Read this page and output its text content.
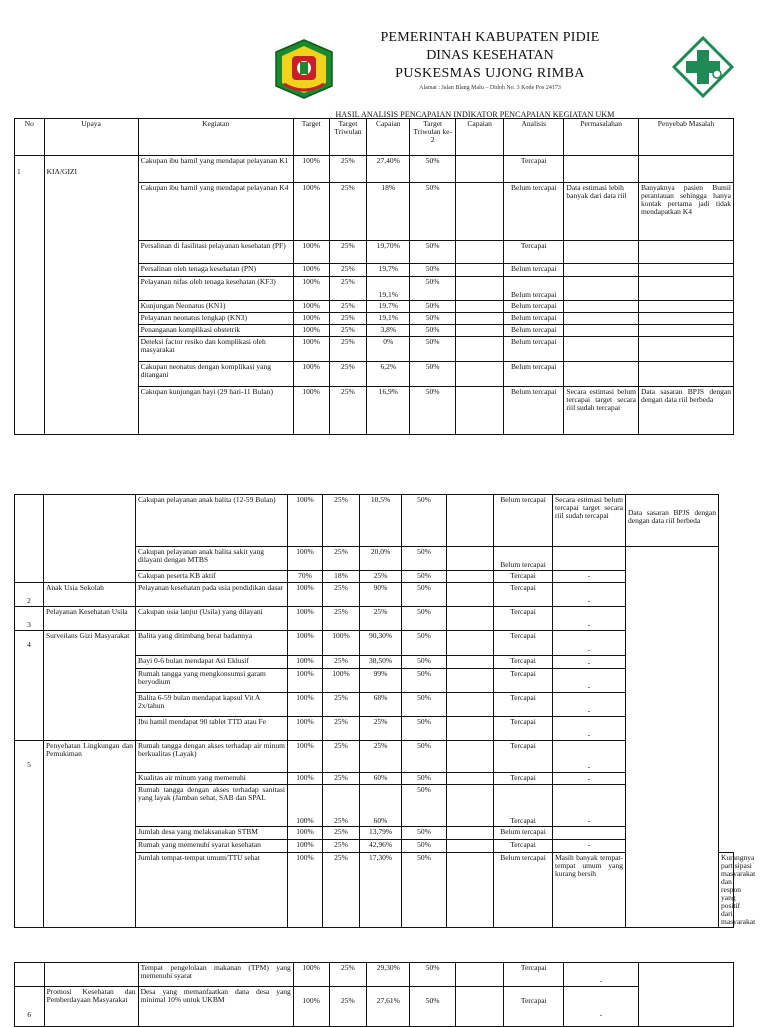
PEMERINTAH KABUPATEN PIDIE
DINAS KESEHATAN
PUSKESMAS UJONG RIMBA
Alamat : Jalan Blang Malu – Didoh No. 3 Kode Pos 24173
HASIL ANALISIS PENCAPAIAN INDIKATOR PENCAPAIAN KEGIATAN UKM
No	Upaya	Kegiatan	Target	Target Triwulan	Capaian	Target Triwulan ke-2	Capaian	Analisis	Permasalahan	Penyebab Masalah
1	KIA/GIZI	Cakupan ibu hamil yang mendapat pelayanan K1	100%	25%	27,40%	50%		Tercapai		
		Cakupan ibu hamil yang mendapat pelayanan K4	100%	25%	18%	50%		Belum tercapai	Data estimasi lebih banyak dari data riil	Banyaknya pasien Bumil perantauan sehingga hanya kontak pertama jadi tidak mendapatkan K4
		Persalinan di fasilitasi pelayanan kesehatan (PF)	100%	25%	19,70%	50%		Tercapai		
		Persalinan oleh tenaga kesehatan (PN)	100%	25%	19,7%	50%		Belum tercapai		
		Pelayanan nifas oleh tenaga kesehatan (KF3)	100%	25%	19,1%	50%		Belum tercapai		
		Kunjungan Neonatus (KN1)	100%	25%	19,7%	50%		Belum tercapai		
		Pelayanan neonatus lengkap (KN3)	100%	25%	19,1%	50%		Belum tercapai		
		Penanganan komplikasi obstetrik	100%	25%	3,8%	50%		Belum tercapai		
		Deteksi factor resiko dan komplikasi oleh masyarakat	100%	25%	0%	50%		Belum tercapai		
		Cakupan neonatus dengan komplikasi yang ditangani	100%	25%	6,2%	50%		Belum tercapai		
		Cakupan kunjungan bayi (29 hari-11 Bulan)	100%	25%	16,9%	50%		Belum tercapai	Secara estimasi belum tercapai target secara riil sudah tercapai	Data sasaran BPJS dengan dengan data riil berbeda
		Cakupan pelayanan anak balita (12-59 Bulan)	100%	25%	10,5%	50%		Belum tercapai	Secara estimasi belum tercapai target secara riil sudah tercapai	Data sasaran BPJS dengan dengan data riil berbeda	
		Cakupan pelayanan anak balita sakit yang dilayani dengan MTBS	100%	25%	20,0%	50%		Belum tercapai			
		Cakupan peserta KB aktif	70%	18%	25%	50%		Tercapai	-		
2	Anak Usia Sekolah	Pelayanan kesehatan pada usia pendidikan dasar	100%	25%	90%	50%		Tercapai	-		
3	Pelayanan Kesehatan Usila	Cakupan usia lanjut (Usila) yang dilayani	100%	25%	25%	50%		Tercapai	-		
4	Surveilans Gizi Masyarakat	Balita yang ditimbang berat badannya	100%	100%	90,30%	50%		Tercapai	-		
		Bayi 0-6 bulan mendapat Asi Eklusif	100%	25%	38,50%	50%		Tercapai	-		
		Rumah tangga yang mengkonsumsi garam beryodium	100%	100%	99%	50%		Tercapai	-		
		Balita 6-59 bulan mendapat kapsul Vit A 2x/tahun	100%	25%	68%	50%		Tercapai	-		
		Ibu hamil mendapat 90 tablet TTD atau Fe	100%	25%	25%	50%		Tercapai	-		
5	Penyehatan Lingkungan dan Pemukiman	Rumah tangga dengan akses terhadap air minum berkualitas (Layak)	100%	25%	25%	50%		Tercapai	-		
		Kualitas air minum yang memenuhi	100%	25%	60%	50%		Tercapai	-		
		Rumah tangga dengan akses terhadap sanitasi yang layak (Jamban sehat, SAB dan SPAL	100%	25%	60%	50%		Tercapai	-		
		Jumlah desa yang melaksanakan STBM	100%	25%	13,79%	50%		Belum tercapai			
		Rumah yang memenuhi syarat kesehatan	100%	25%	42,96%	50%		Tercapai	-		
		Jumlah tempat-tempat umum/TTU sehat	100%	25%	17,30%	50%		Belum tercapai	Masih banyak tempat-tempat umum yang kurang bersih		Kurangnya partisipasi masyarakat dan respon yang positif dari masyarakat
		Tempat pengelolaan makanan (TPM) yang memenuhi syarat	100%	25%	29,30%	50%		Tercapai	-	
6	Promosi Kesehatan dan Pemberdayaan Masyarakat	Desa yang memanfaatkan dana desa yang minimal 10% untuk UKBM	100%	25%	27,61%	50%		Tercapai	-	
